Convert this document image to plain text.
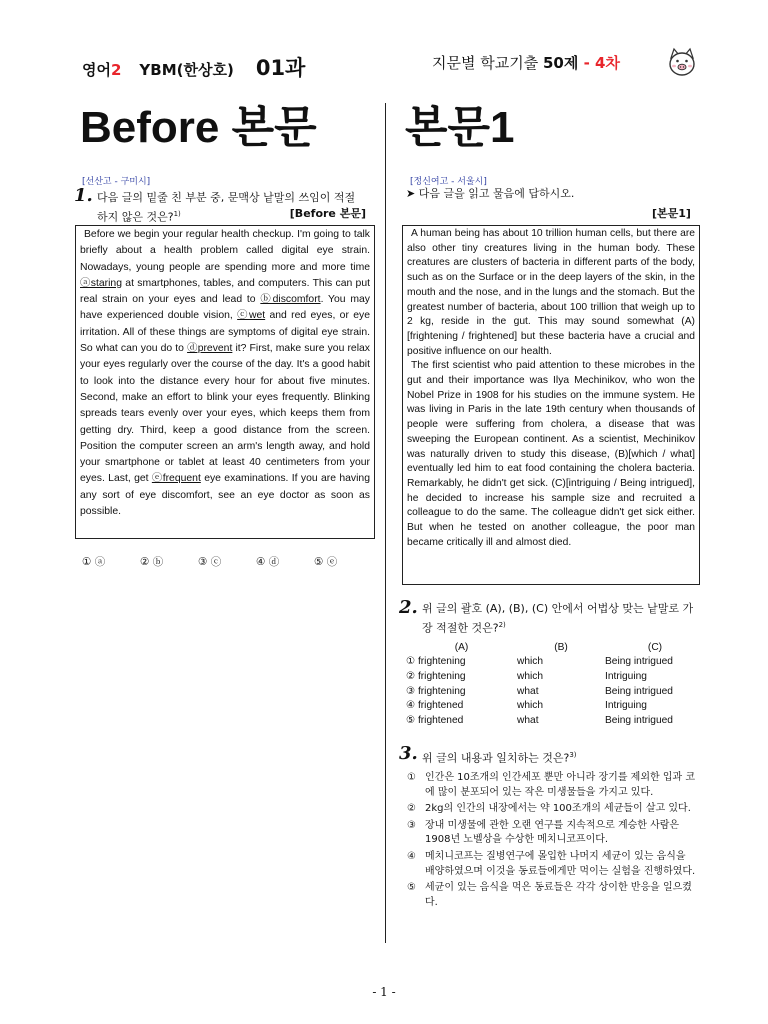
영어2 YBM(한상호) 01과	지문별 학교기출 50제 - 4차
Before 본문 본문1
[선산고 - 구미시]
1. 다음 글의 밑줄 친 부분 중, 문맥상 낱말의 쓰임이 적절
하지 않은 것은?$^{1)}$	[Before 본문]

Before we begin your regular health checkup. I'm going to talk briefly about a health problem called digital eye strain. Nowadays, young people are spending more and more time ⓐstaring at smartphones, tables, and computers. This can put real strain on your eyes and lead to ⓑdiscomfort. You may have experienced double vision, ⓒwet and red eyes, or eye irritation. All of these things are symptoms of digital eye strain. So what can you do to ⓓprevent it? First, make sure you relax your eyes regularly over the course of the day. It's a good habit to look into the distance every hour for about five minutes. Second, make an effort to blink your eyes frequently. Blinking spreads tears evenly over your eyes, which keeps them from getting dry. Third, keep a good distance from the screen. Position the computer screen an arm's length away, and hold your smartphone or tablet at least 40 centimeters from your eyes. Last, get ⓔfrequent eye examinations. If you are having any sort of eye discomfort, see an eye doctor as soon as possible.

① ⓐ	② ⓑ	③ ⓒ	④ ⓓ	⑤ ⓔ
[정신여고 - 서울시]
➤ 다음 글을 읽고 물음에 답하시오.
[본문1]

A human being has about 10 trillion human cells, but there are also other tiny creatures living in the human body. These creatures are clusters of bacteria in different parts of the body, such as on the Surface or in the deep layers of the skin, in the mouth and the nose, and in the lungs and the stomach. But the greatest number of bacteria, about 100 trillion that weigh up to 2 kg, reside in the gut. This may sound somewhat (A)[frightening / frightened] but these bacteria have a crucial and positive influence on our health.

The first scientist who paid attention to these microbes in the gut and their importance was Ilya Mechinikov, who won the Nobel Prize in 1908 for his studies on the immune system. He was living in Paris in the late 19th century when thousands of people were suffering from cholera, a disease that was sweeping the European continent. As a scientist, Mechinikov was naturally driven to study this disease, (B)[which / what] eventually led him to eat food containing the cholera bacteria. Remarkably, he didn't get sick. (C)[intriguing / Being intrigued], he decided to increase his sample size and recruited a colleague to do the same. The colleague didn't get sick either. But when he tested on another colleague, the poor man became critically ill and almost died.

2. 위 글의 괄호 (A), (B), (C) 안에서 어법상 맞는 낱말로 가
장 적절한 것은?$^{2)}$
(A)	(B)	(C)
① frightening	which	Being intrigued
② frightening	which	Intriguing
③ frightening	what	Being intrigued
④ frightened	which	Intriguing
⑤ frightened	what	Being intrigued
3. 위 글의 내용과 일치하는 것은?$^{3)}$
① 인간은 10조개의 인간세포 뿐만 아니라 장기를 제외한 입과 코에 많이 분포되어 있는 작은 미생물들을 가지고 있다.
② 2kg의 인간의 내장에서는 약 100조개의 세균들이 살고 있다.
③ 장내 미생물에 관한 오랜 연구를 지속적으로 계승한 사람은 1908년 노벨상을 수상한 메치니코프이다.
④ 메치니코프는 질병연구에 몰입한 나머지 세균이 있는 음식을 배양하였으며 이것을 동료들에게만 먹이는 실험을 진행하였다.
⑤ 세균이 있는 음식을 먹은 동료들은 각각 상이한 반응을 일으켰다.
- 1 -
